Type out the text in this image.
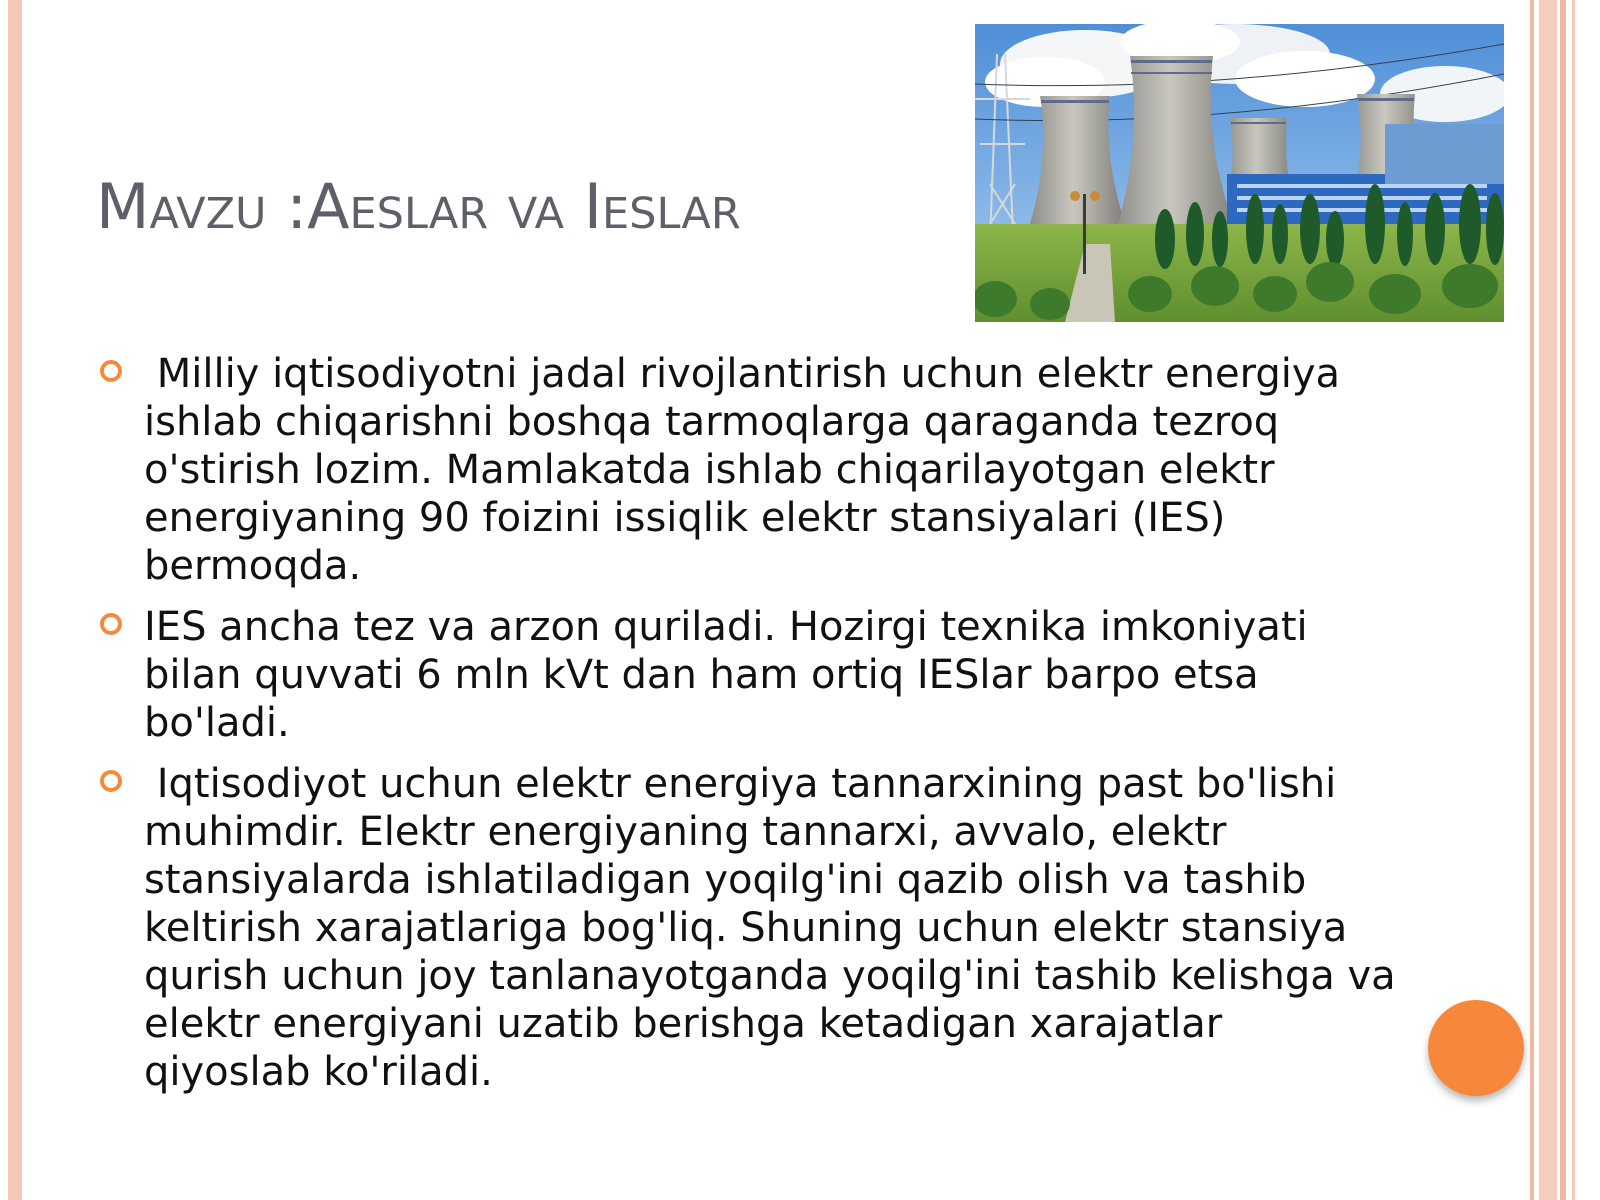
Mavzu :Aeslar va Ieslar
Milliy iqtisodiyotni jadal rivojlantirish uchun elektr energiya ishlab chiqarishni boshqa tarmoqlarga qaraganda tezroq o'stirish lozim. Mamlakatda ishlab chiqarilayotgan elektr energiyaning 90 foizini issiqlik elektr stansiyalari (IES) bermoqda.
IES ancha tez va arzon quriladi. Hozirgi texnika imkoniyati bilan quvvati 6 mln kVt dan ham ortiq IESlar barpo etsa bo'ladi.
Iqtisodiyot uchun elektr energiya tannarxining past bo'lishi muhimdir. Elektr energiyaning tannarxi, avvalo, elektr stansiyalarda ishlatiladigan yoqilg'ini qazib olish va tashib keltirish xarajatlariga bog'liq. Shuning uchun elektr stansiya qurish uchun joy tanlanayotganda yoqilg'ini tashib kelishga va elektr energiyani uzatib berishga ketadigan xarajatlar qiyoslab ko'riladi.
